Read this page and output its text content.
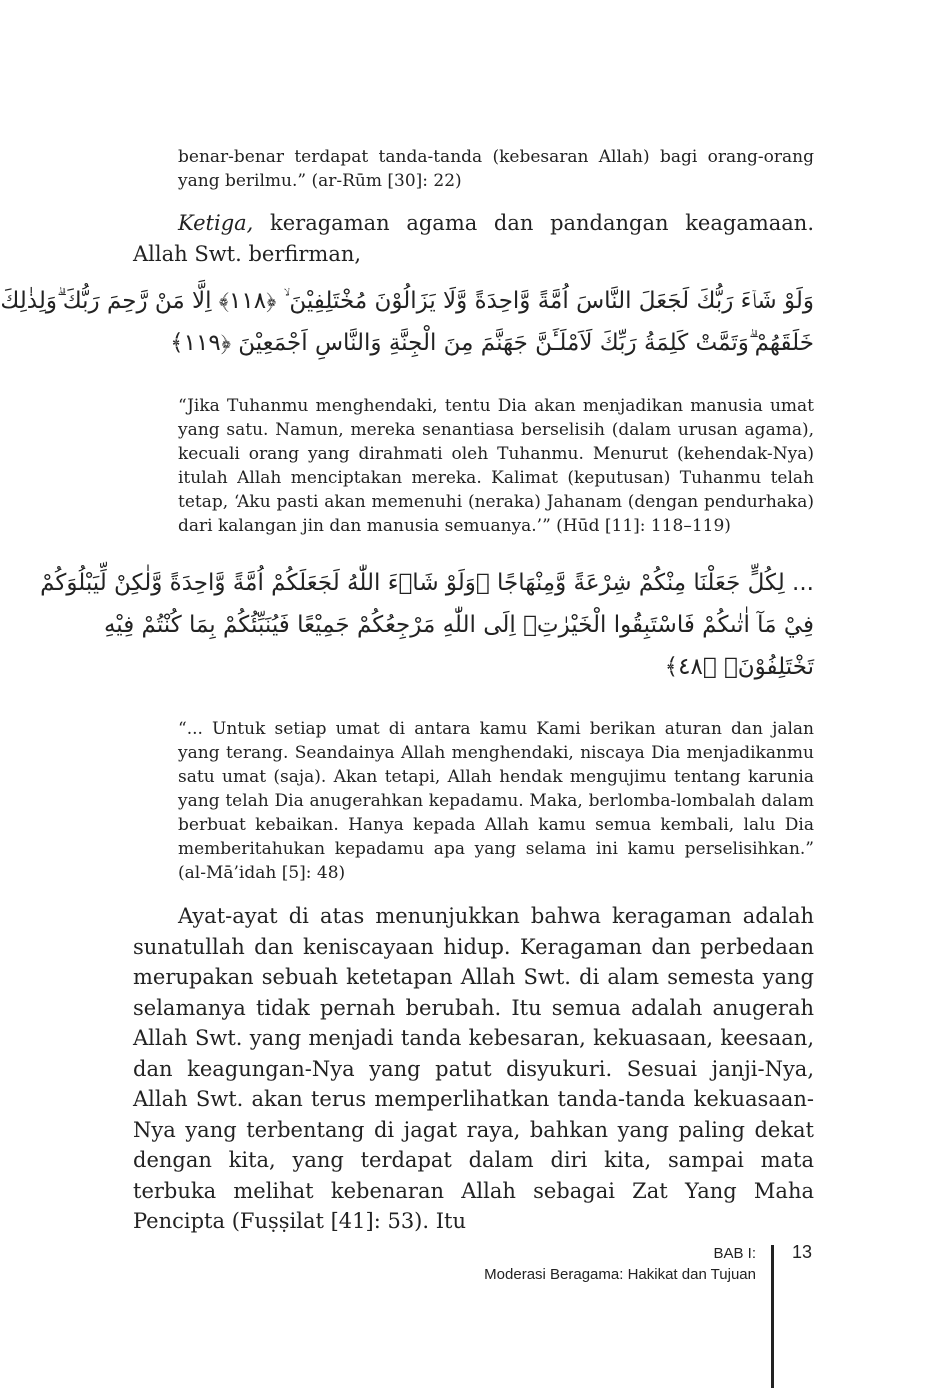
benar-benar terdapat tanda-tanda (kebesaran Allah) bagi orang-orang yang berilmu.” (ar-Rūm [30]: 22)

Ketiga, keragaman agama dan pandangan keagamaan. Allah Swt. berfirman,

وَلَوْ شَاۤءَ رَبُّكَ لَجَعَلَ النَّاسَ اُمَّةً وَّاحِدَةً وَّلَا يَزَالُوْنَ مُخْتَلِفِيْنَ ۙ ﴿١١٨﴾ اِلَّا مَنْ رَّحِمَ رَبُّكَ ۗوَلِذٰلِكَ
خَلَقَهُمْ ۗوَتَمَّتْ كَلِمَةُ رَبِّكَ لَاَمْلَـَٔنَّ جَهَنَّمَ مِنَ الْجِنَّةِ وَالنَّاسِ اَجْمَعِيْنَ ﴿١١٩﴾

“Jika Tuhanmu menghendaki, tentu Dia akan menjadikan manusia umat yang satu. Namun, mereka senantiasa berselisih (dalam urusan agama), kecuali orang yang dirahmati oleh Tuhanmu. Menurut (kehendak-Nya) itulah Allah menciptakan mereka. Kalimat (keputusan) Tuhanmu telah tetap, ‘Aku pasti akan memenuhi (neraka) Jahanam (dengan pendurhaka) dari kalangan jin dan manusia semuanya.’” (Hūd [11]: 118–119)

... لِكُلٍّ جَعَلْنَا مِنْكُمْ شِرْعَةً وَّمِنْهَاجًا ۗوَلَوْ شَاۤءَ اللّٰهُ لَجَعَلَكُمْ اُمَّةً وَّاحِدَةً وَّلٰكِنْ لِّيَبْلُوَكُمْ
فِيْ مَآ اٰتٰىكُمْ فَاسْتَبِقُوا الْخَيْرٰتِۗ اِلَى اللّٰهِ مَرْجِعُكُمْ جَمِيْعًا فَيُنَبِّئُكُمْ بِمَا كُنْتُمْ فِيْهِ
تَخْتَلِفُوْنَۙ ﴿٤٨﴾

“... Untuk setiap umat di antara kamu Kami berikan aturan dan jalan yang terang. Seandainya Allah menghendaki, niscaya Dia menjadikanmu satu umat (saja). Akan tetapi, Allah hendak mengujimu tentang karunia yang telah Dia anugerahkan kepadamu. Maka, berlomba-lombalah dalam berbuat kebaikan. Hanya kepada Allah kamu semua kembali, lalu Dia memberitahukan kepadamu apa yang selama ini kamu perselisihkan.” (al-Mā’idah [5]: 48)

Ayat-ayat di atas menunjukkan bahwa keragaman adalah sunatullah dan keniscayaan hidup. Keragaman dan perbedaan merupakan sebuah ketetapan Allah Swt. di alam semesta yang selamanya tidak pernah berubah. Itu semua adalah anugerah Allah Swt. yang menjadi tanda kebesaran, kekuasaan, keesaan, dan keagungan-Nya yang patut disyukuri. Sesuai janji-Nya, Allah Swt. akan terus memperlihatkan tanda-tanda kekuasaan-Nya yang terbentang di jagat raya, bahkan yang paling dekat dengan kita, yang terdapat dalam diri kita, sampai mata terbuka melihat kebenaran Allah sebagai Zat Yang Maha Pencipta (Fuṣṣilat [41]: 53). Itu

BAB I:
Moderasi Beragama: Hakikat dan Tujuan
13
